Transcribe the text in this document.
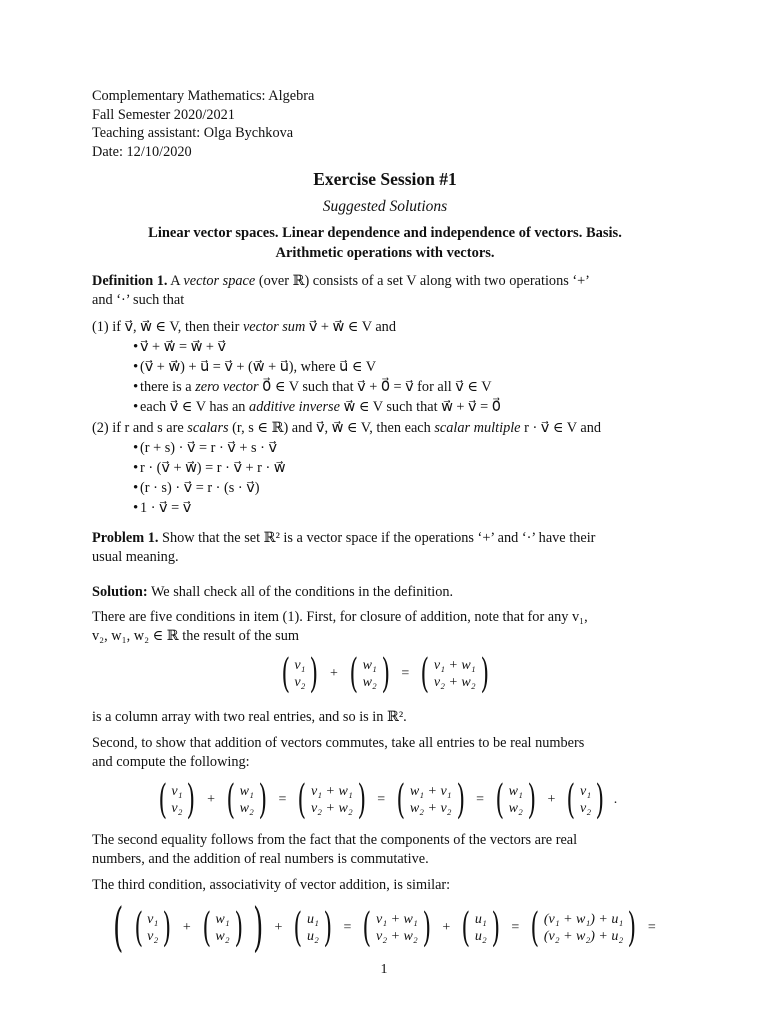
Complementary Mathematics: Algebra
Fall Semester 2020/2021
Teaching assistant: Olga Bychkova
Date: 12/10/2020
Exercise Session #1
Suggested Solutions
Linear vector spaces. Linear dependence and independence of vectors. Basis.
Arithmetic operations with vectors.
Definition 1. A vector space (over ℝ) consists of a set V along with two operations ‘+’
and ‘·’ such that
(1) if v⃗, w⃗ ∈ V, then their vector sum v⃗ + w⃗ ∈ V and
• v⃗ + w⃗ = w⃗ + v⃗
• (v⃗ + w⃗) + u⃗ = v⃗ + (w⃗ + u⃗), where u⃗ ∈ V
• there is a zero vector 0⃗ ∈ V such that v⃗ + 0⃗ = v⃗ for all v⃗ ∈ V
• each v⃗ ∈ V has an additive inverse w⃗ ∈ V such that w⃗ + v⃗ = 0⃗
(2) if r and s are scalars (r, s ∈ ℝ) and v⃗, w⃗ ∈ V, then each scalar multiple r · v⃗ ∈ V and
• (r + s) · v⃗ = r · v⃗ + s · v⃗
• r · (v⃗ + w⃗) = r · v⃗ + r · w⃗
• (r · s) · v⃗ = r · (s · v⃗)
• 1 · v⃗ = v⃗
Problem 1. Show that the set ℝ² is a vector space if the operations ‘+’ and ‘·’ have their
usual meaning.
Solution: We shall check all of the conditions in the definition.
There are five conditions in item (1). First, for closure of addition, note that for any v₁,
v₂, w₁, w₂ ∈ ℝ the result of the sum
( v₁
v₂ ) + ( w₁
w₂ ) = ( v₁ + w₁
v₂ + w₂ )
is a column array with two real entries, and so is in ℝ².
Second, to show that addition of vectors commutes, take all entries to be real numbers
and compute the following:
( v₁
v₂ ) + ( w₁
w₂ ) = ( v₁ + w₁
v₂ + w₂ ) = ( w₁ + v₁
w₂ + v₂ ) = ( w₁
w₂ ) + ( v₁
v₂ ) .
The second equality follows from the fact that the components of the vectors are real
numbers, and the addition of real numbers is commutative.
The third condition, associativity of vector addition, is similar:
( ( v₁
v₂ ) + ( w₁
w₂ ) ) + ( u₁
u₂ ) = ( v₁ + w₁
v₂ + w₂ ) + ( u₁
u₂ ) = ( (v₁ + w₁) + u₁
(v₂ + w₂) + u₂ ) =
1
